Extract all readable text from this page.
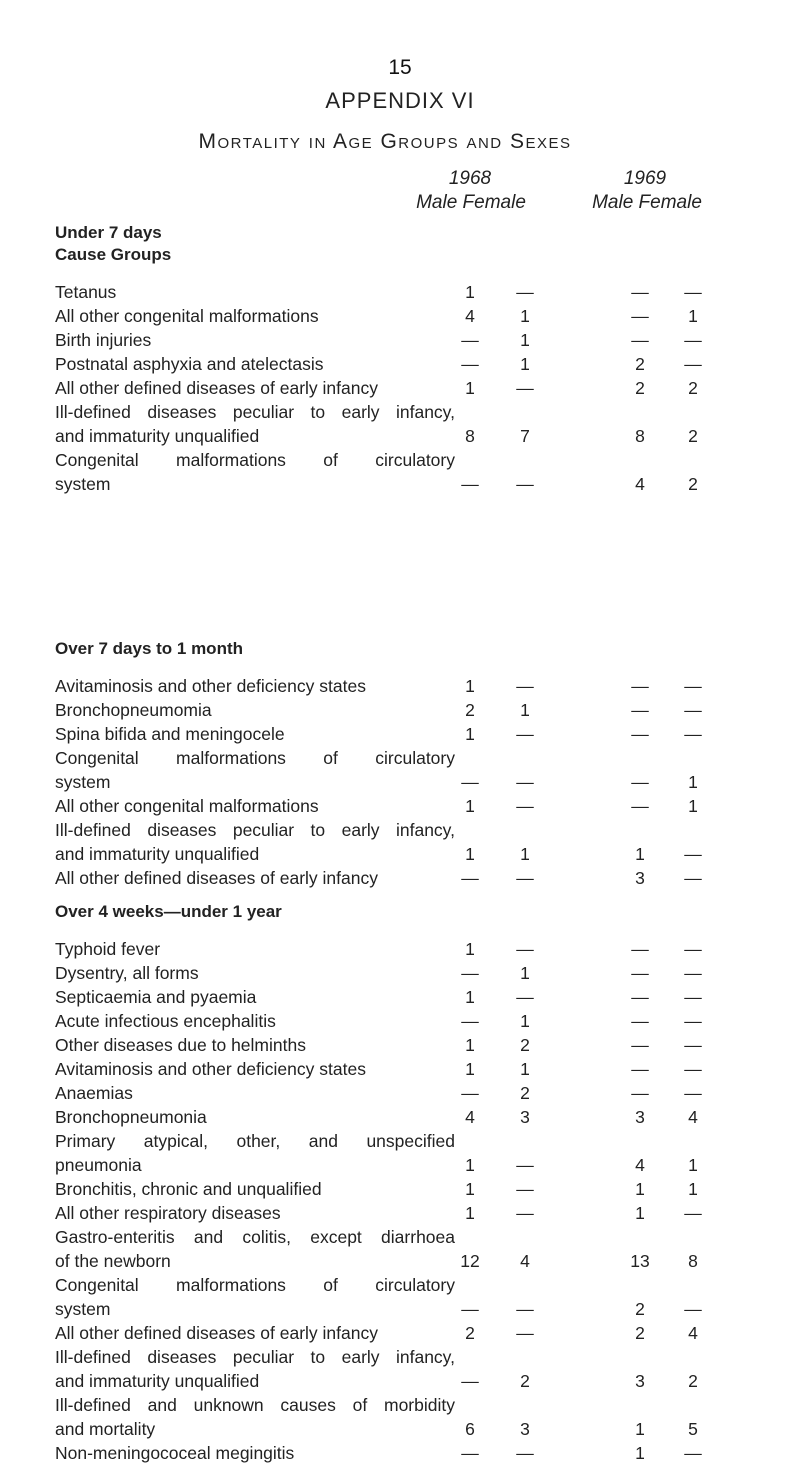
15
APPENDIX VI
Mortality in Age Groups and Sexes
1968	1969
Male Female	Male Female
Under 7 days
Cause Groups
Tetanus	1	—	—	—
All other congenital malformations	4	1	—	1
Birth injuries	—	1	—	—
Postnatal asphyxia and atelectasis	—	1	2	—
All other defined diseases of early infancy	1	—	2	2
Ill-defined diseases peculiar to early infancy,
and immaturity unqualified	8	7	8	2
Congenital malformations of circulatory
system	—	—	4	2
Over 7 days to 1 month
Avitaminosis and other deficiency states	1	—	—	—
Bronchopneumomia	2	1	—	—
Spina bifida and meningocele	1	—	—	—
Congenital malformations of circulatory
system	—	—	—	1
All other congenital malformations	1	—	—	1
Ill-defined diseases peculiar to early infancy,
and immaturity unqualified	1	1	1	—
All other defined diseases of early infancy	—	—	3	—
Over 4 weeks—under 1 year
Typhoid fever	1	—	—	—
Dysentry, all forms	—	1	—	—
Septicaemia and pyaemia	1	—	—	—
Acute infectious encephalitis	—	1	—	—
Other diseases due to helminths	1	2	—	—
Avitaminosis and other deficiency states	1	1	—	—
Anaemias	—	2	—	—
Bronchopneumonia	4	3	3	4
Primary atypical, other, and unspecified
pneumonia	1	—	4	1
Bronchitis, chronic and unqualified	1	—	1	1
All other respiratory diseases	1	—	1	—
Gastro-enteritis and colitis, except diarrhoea
of the newborn	12	4	13	8
Congenital malformations of circulatory
system	—	—	2	—
All other defined diseases of early infancy	2	—	2	4
Ill-defined diseases peculiar to early infancy,
and immaturity unqualified	—	2	3	2
Ill-defined and unknown causes of morbidity
and mortality	6	3	1	5
Non-meningococeal megingitis	—	—	1	—
